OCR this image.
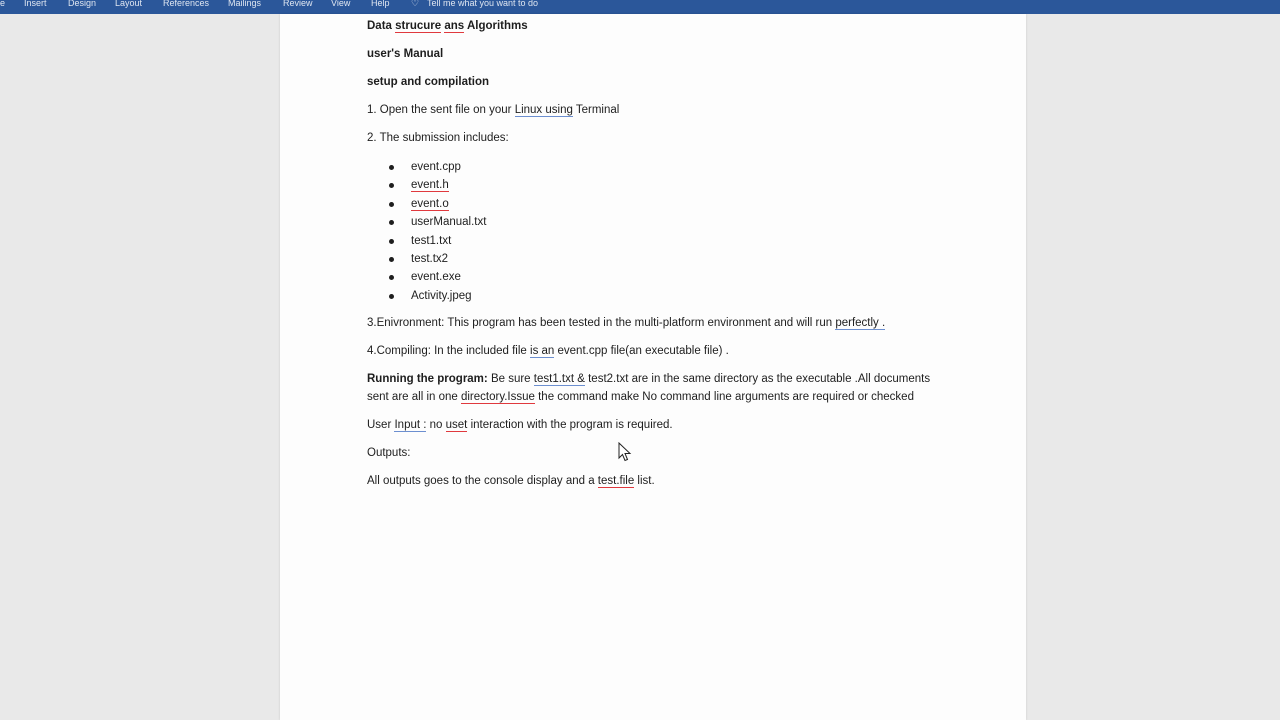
e	Insert	Design	Layout	References	Mailings	Review	View	Help	♡ Tell me what you want to do

Data strucure ans Algorithms

user's Manual

setup and compilation

1. Open the sent file on your Linux using Terminal

2. The submission includes:

event.cpp
event.h
event.o
userManual.txt
test1.txt
test.tx2
event.exe
Activity.jpeg

3.Enivronment: This program has been tested in the multi-platform environment and will run perfectly .

4.Compiling: In the included file is an event.cpp file(an executable file) .

Running the program: Be sure test1.txt & test2.txt are in the same directory as the executable .All documents sent are all in one directory.Issue the command make No command line arguments are required or checked

User Input : no uset interaction with the program is required.

Outputs:

All outputs goes to the console display and a test.file list.
